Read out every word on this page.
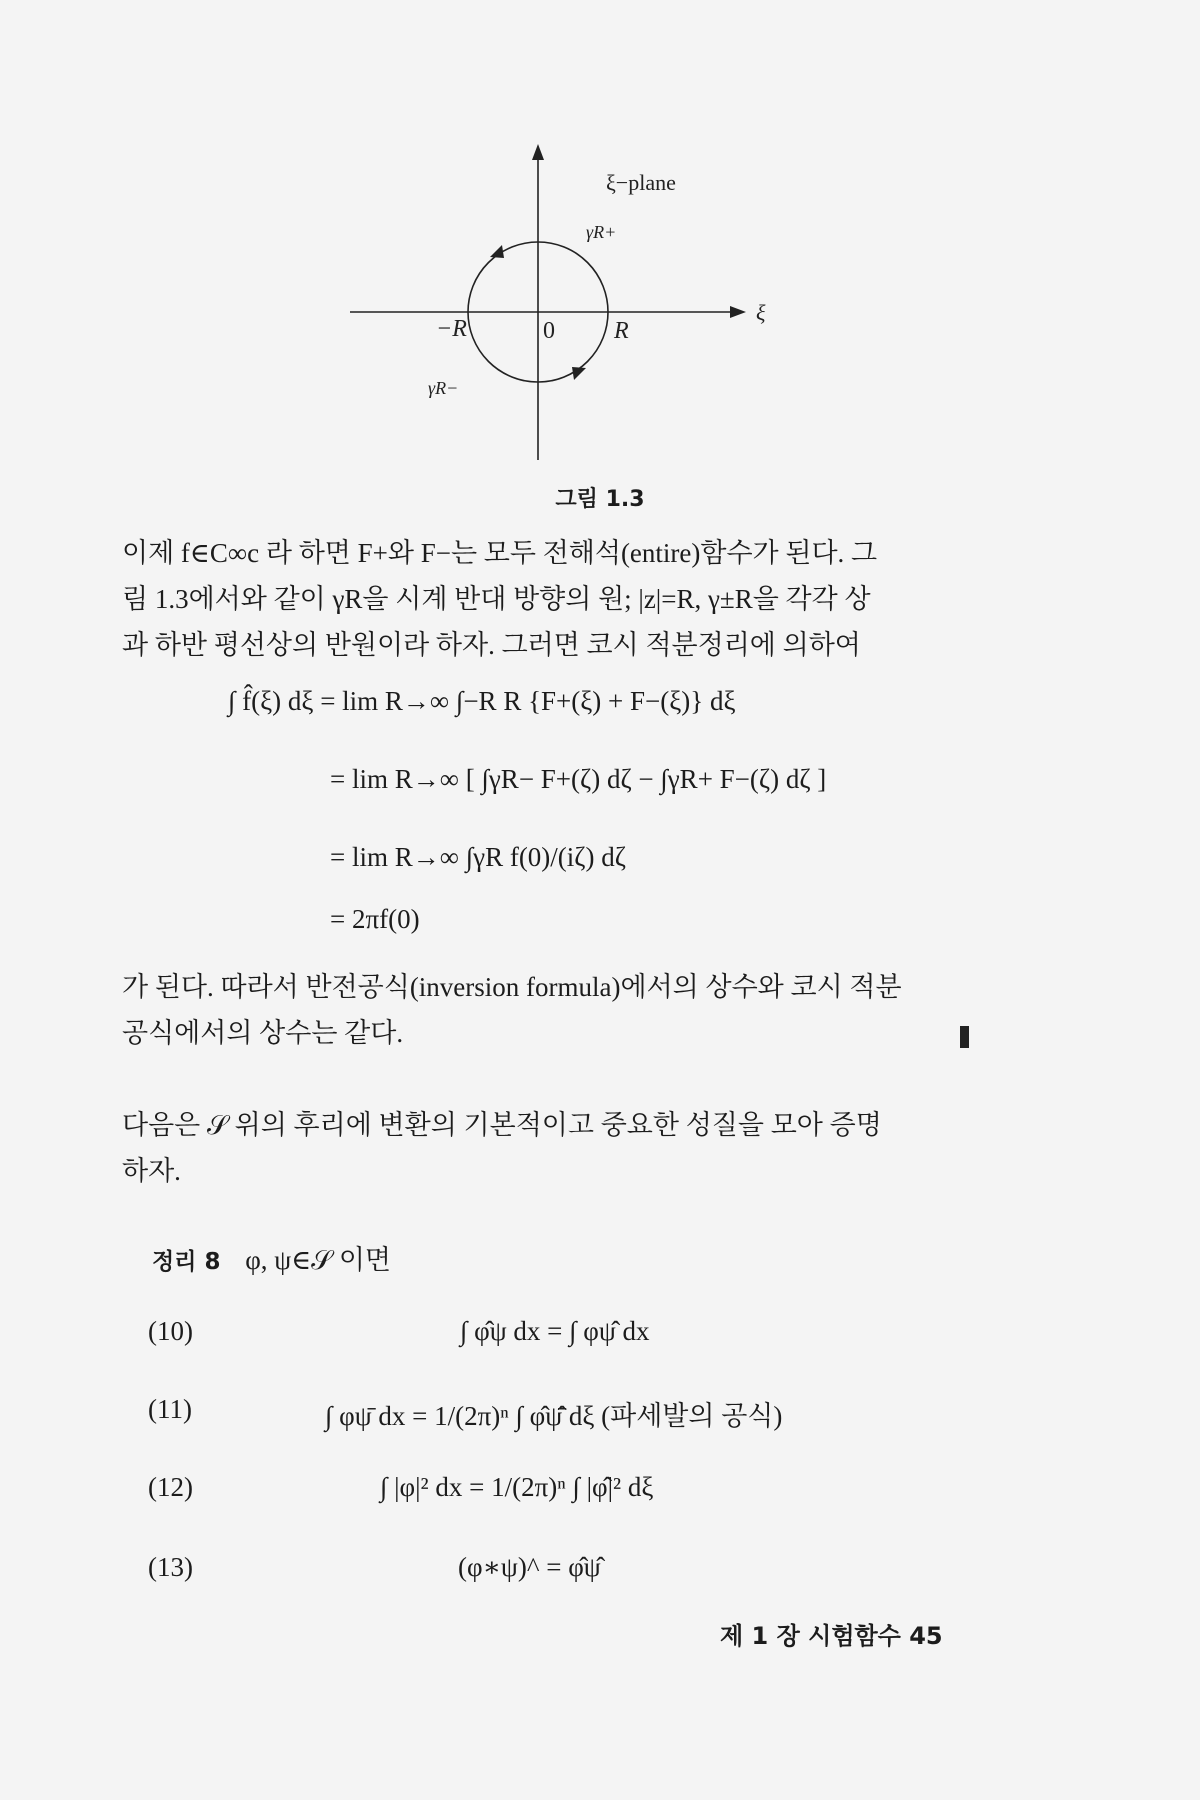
ξ−plane
γR+
γR−
−R	0 R
ξ
그림 1.3
이제 f∈C∞c 라 하면 F+와 F−는 모두 전해석(entire)함수가 된다. 그
림 1.3에서와 같이 γR을 시계 반대 방향의 원; |z|=R, γ±R을 각각 상
과 하반 평선상의 반원이라 하자. 그러면 코시 적분정리에 의하여
∫ f̂(ξ) dξ = lim R→∞ ∫−R R {F+(ξ) + F−(ξ)} dξ
= lim R→∞ [ ∫γR− F+(ζ) dζ − ∫γR+ F−(ζ) dζ ]
= lim R→∞ ∫γR f(0)/(iζ) dζ
= 2πf(0)
가 된다. 따라서 반전공식(inversion formula)에서의 상수와 코시 적분
공식에서의 상수는 같다.
다음은 𝒮 위의 후리에 변환의 기본적이고 중요한 성질을 모아 증명
하자.
정리 8 φ, ψ∈𝒮 이면
(10)	∫ φ̂ψ dx = ∫ φψ̂ dx
(11)	∫ φψ̄ dx = 1/(2π)ⁿ ∫ φ̂ψ̄̂ dξ (파세발의 공식)
(12)	∫ |φ|² dx = 1/(2π)ⁿ ∫ |φ̂|² dξ
(13)	(φ∗ψ)^ = φ̂ψ̂
제 1 장 시험함수 45
